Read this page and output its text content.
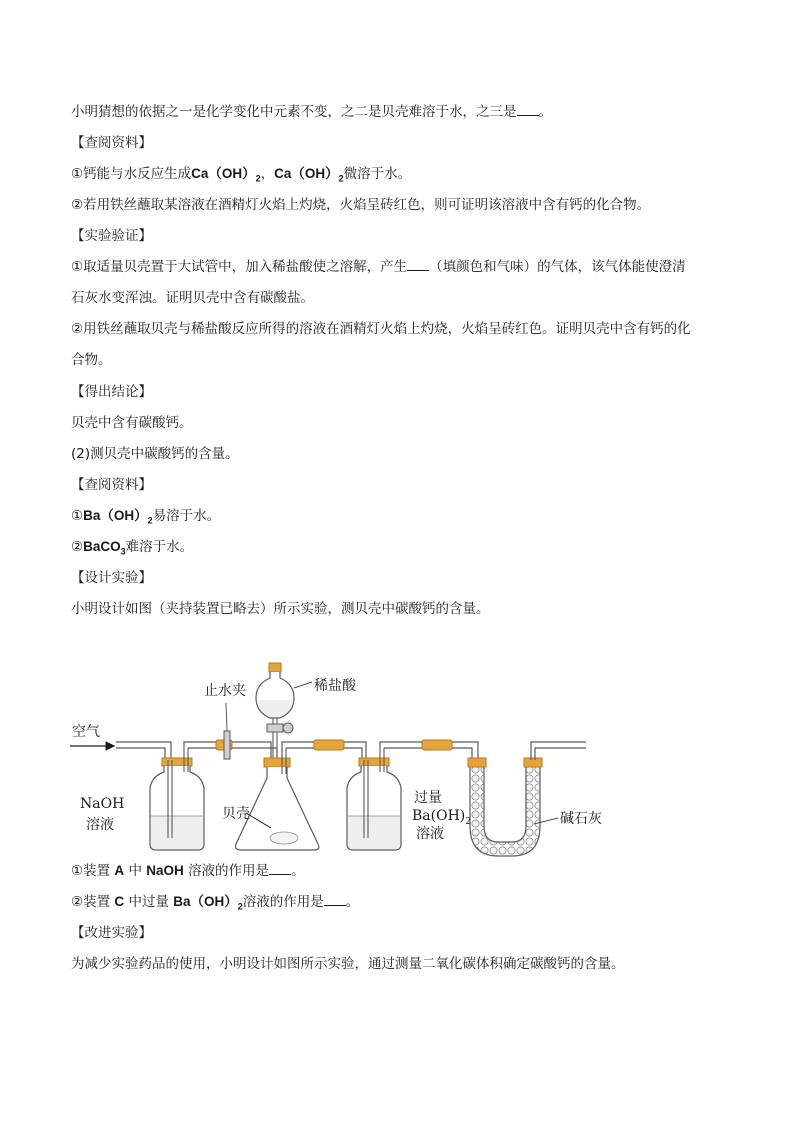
小明猜想的依据之一是化学变化中元素不变，之二是贝壳难溶于水，之三是 。
【查阅资料】
①钙能与水反应生成$Ca(OH)_2$，$Ca(OH)_2$微溶于水。
②若用铁丝蘸取某溶液在酒精灯火焰上灼烧，火焰呈砖红色，则可证明该溶液中含有钙的化合物。
【实验验证】
①取适量贝壳置于大试管中，加入稀盐酸使之溶解，产生 （填颜色和气味）的气体，该气体能使澄清
石灰水变浑浊。证明贝壳中含有碳酸盐。
②用铁丝蘸取贝壳与稀盐酸反应所得的溶液在酒精灯火焰上灼烧，火焰呈砖红色。证明贝壳中含有钙的化
合物。
【得出结论】
贝壳中含有碳酸钙。
(2)测贝壳中碳酸钙的含量。
【查阅资料】
$①Ba(OH)_2$易溶于水。
②BaCO$_3$难溶于水。
【设计实验】
小明设计如图（夹持装置已略去）所示实验，测贝壳中碳酸钙的含量。
空气
止水夹	稀盐酸
贝壳	碱石灰
NaOH
溶液
过量
$Ba(OH)_2$
溶液
①装置 A 中 NaOH 溶液的作用是 。
②装置 C 中过量 $Ba(OH)_2$溶液的作用是 。
【改进实验】
为减少实验药品的使用，小明设计如图所示实验，通过测量二氧化碳体积确定碳酸钙的含量。
